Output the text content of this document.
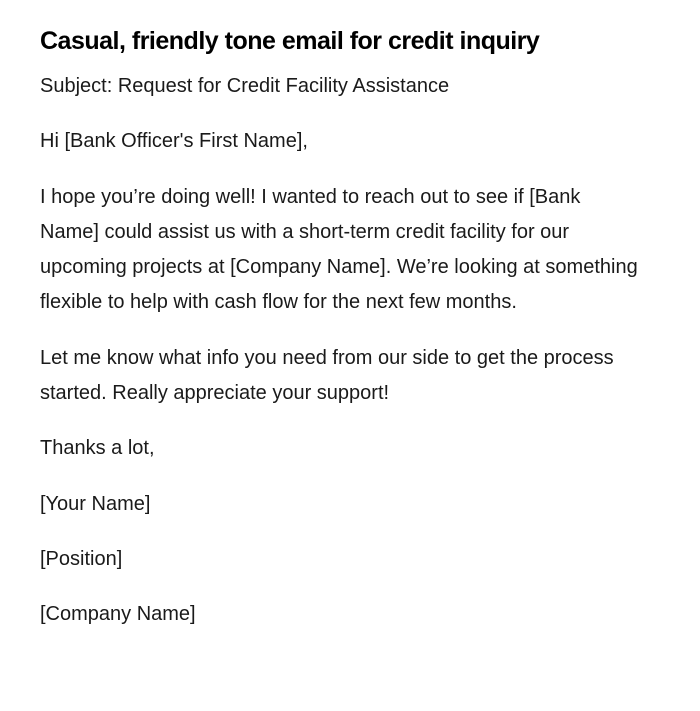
Casual, friendly tone email for credit inquiry

Subject: Request for Credit Facility Assistance

Hi [Bank Officer's First Name],

I hope you’re doing well! I wanted to reach out to see if [Bank Name] could assist us with a short-term credit facility for our upcoming projects at [Company Name]. We’re looking at something flexible to help with cash flow for the next few months.

Let me know what info you need from our side to get the process started. Really appreciate your support!

Thanks a lot,

[Your Name]

[Position]

[Company Name]
